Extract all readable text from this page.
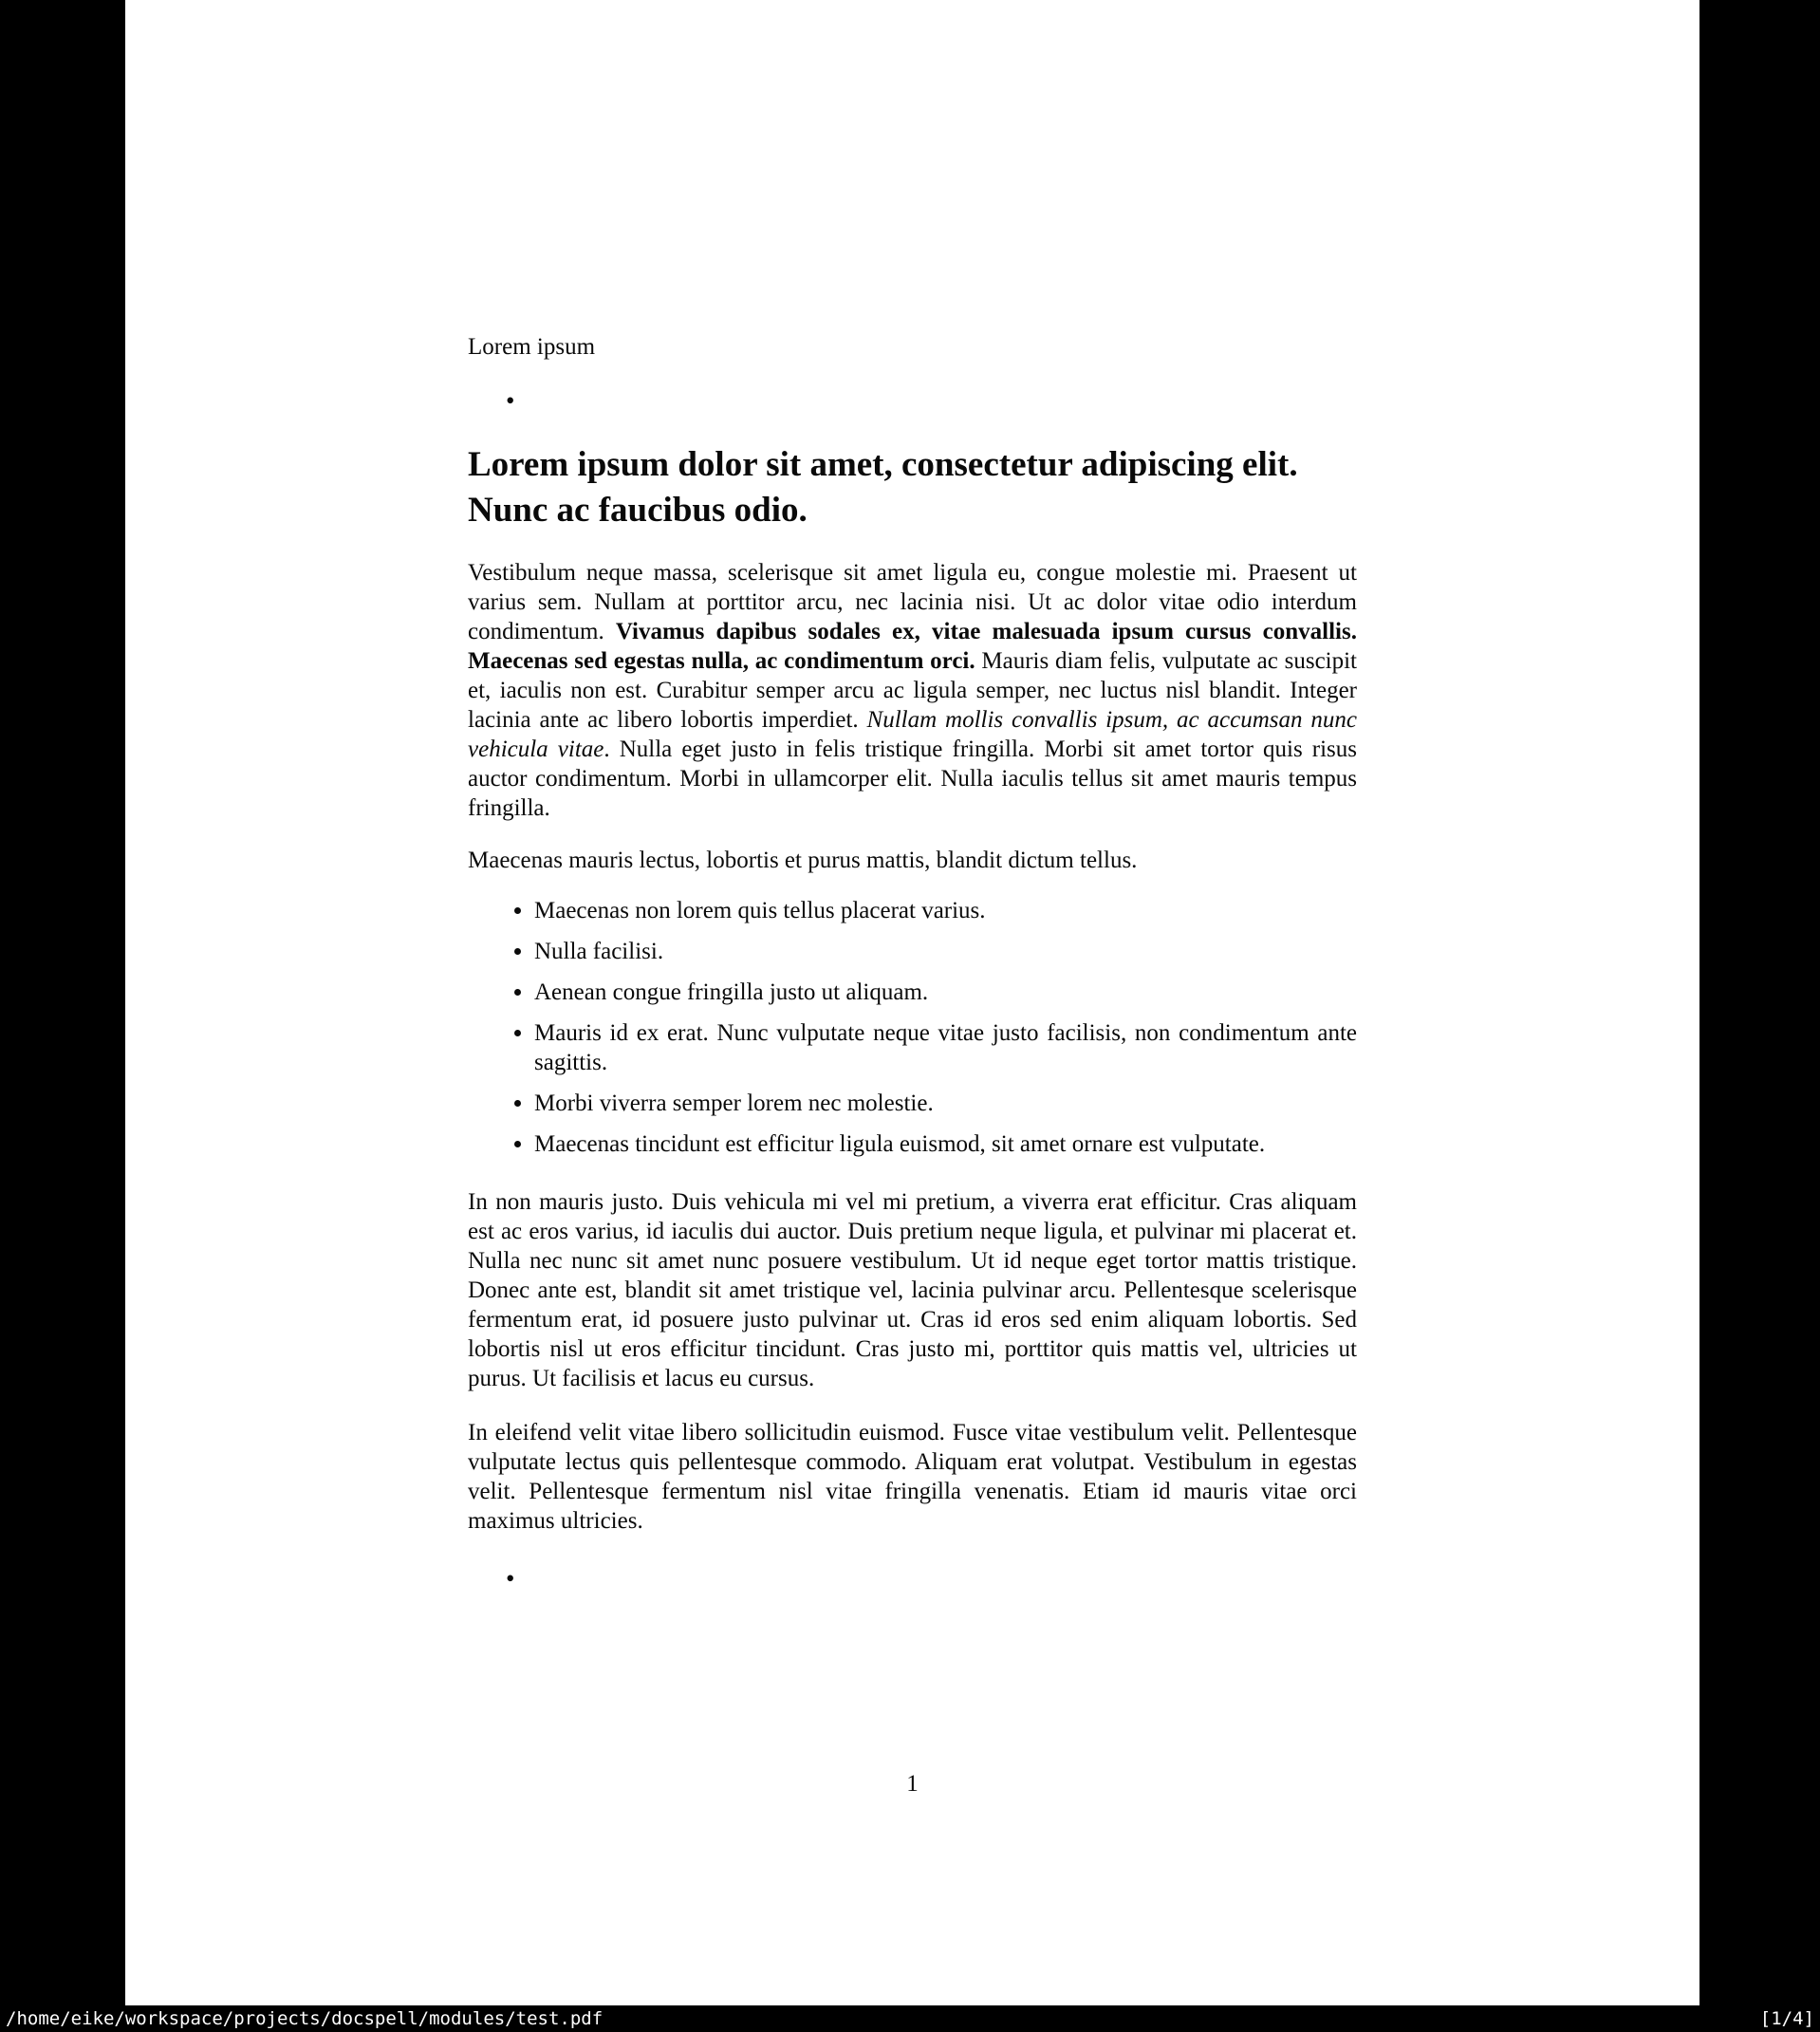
Lorem ipsum

•
Lorem ipsum dolor sit amet, consectetur adipiscing elit. Nunc ac faucibus odio.

Vestibulum neque massa, scelerisque sit amet ligula eu, congue molestie mi. Praesent ut varius sem. Nullam at porttitor arcu, nec lacinia nisi. Ut ac dolor vitae odio interdum condimentum. Vivamus dapibus sodales ex, vitae malesuada ipsum cursus convallis. Maecenas sed egestas nulla, ac condimentum orci. Mauris diam felis, vulputate ac suscipit et, iaculis non est. Curabitur semper arcu ac ligula semper, nec luctus nisl blandit. Integer lacinia ante ac libero lobortis imperdiet. Nullam mollis convallis ipsum, ac accumsan nunc vehicula vitae. Nulla eget justo in felis tristique fringilla. Morbi sit amet tortor quis risus auctor condimentum. Morbi in ullamcorper elit. Nulla iaculis tellus sit amet mauris tempus fringilla.

Maecenas mauris lectus, lobortis et purus mattis, blandit dictum tellus.

• Maecenas non lorem quis tellus placerat varius.
• Nulla facilisi.
• Aenean congue fringilla justo ut aliquam.
• Mauris id ex erat. Nunc vulputate neque vitae justo facilisis, non condimentum ante sagittis.
• Morbi viverra semper lorem nec molestie.
• Maecenas tincidunt est efficitur ligula euismod, sit amet ornare est vulputate.

In non mauris justo. Duis vehicula mi vel mi pretium, a viverra erat efficitur. Cras aliquam est ac eros varius, id iaculis dui auctor. Duis pretium neque ligula, et pulvinar mi placerat et. Nulla nec nunc sit amet nunc posuere vestibulum. Ut id neque eget tortor mattis tristique. Donec ante est, blandit sit amet tristique vel, lacinia pulvinar arcu. Pellentesque scelerisque fermentum erat, id posuere justo pulvinar ut. Cras id eros sed enim aliquam lobortis. Sed lobortis nisl ut eros efficitur tincidunt. Cras justo mi, porttitor quis mattis vel, ultricies ut purus. Ut facilisis et lacus eu cursus.

In eleifend velit vitae libero sollicitudin euismod. Fusce vitae vestibulum velit. Pellentesque vulputate lectus quis pellentesque commodo. Aliquam erat volutpat. Vestibulum in egestas velit. Pellentesque fermentum nisl vitae fringilla venenatis. Etiam id mauris vitae orci maximus ultricies.

•
1
/home/eike/workspace/projects/docspell/modules/test.pdf	[1/4]
